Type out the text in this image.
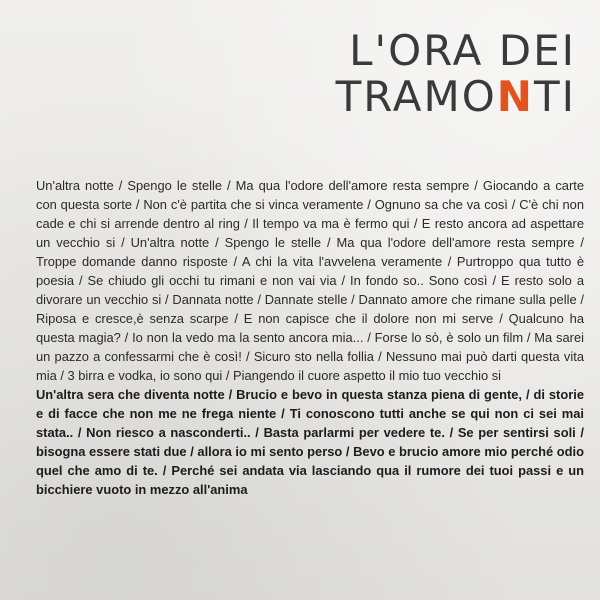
L'ORA DEI
TRAMONTI

Un'altra notte / Spengo le stelle / Ma qua l'odore dell'amore resta sempre / Giocando a carte con questa sorte / Non c'è partita che si vinca veramente / Ognuno sa che va così / C'è chi non cade e chi si arrende dentro al ring / Il tempo va ma è fermo qui / E resto ancora ad aspettare un vecchio si / Un'altra notte / Spengo le stelle / Ma qua l'odore dell'amore resta sempre / Troppe domande danno risposte / A chi la vita l'avvelena veramente / Purtroppo qua tutto è poesia / Se chiudo gli occhi tu rimani e non vai via / In fondo so.. Sono così / E resto solo a divorare un vecchio si / Dannata notte / Dannate stelle / Dannato amore che rimane sulla pelle / Riposa e cresce,è senza scarpe / E non capisce che il dolore non mi serve / Qualcuno ha questa magia? / Io non la vedo ma la sento ancora mia... / Forse lo sò, è solo un film / Ma sarei un pazzo a confessarmi che è così! / Sicuro sto nella follia / Nessuno mai può darti questa vita mia / 3 birra e vodka, io sono qui / Piangendo il cuore aspetto il mio tuo vecchio si

Un'altra sera che diventa notte / Brucio e bevo in questa stanza piena di gente, / di storie e di facce che non me ne frega niente / Ti conoscono tutti anche se qui non ci sei mai stata.. / Non riesco a nasconderti.. / Basta parlarmi per vedere te. / Se per sentirsi soli / bisogna essere stati due / allora io mi sento perso / Bevo e brucio amore mio perché odio quel che amo di te. / Perché sei andata via lasciando qua il rumore dei tuoi passi e un bicchiere vuoto in mezzo all'anima
